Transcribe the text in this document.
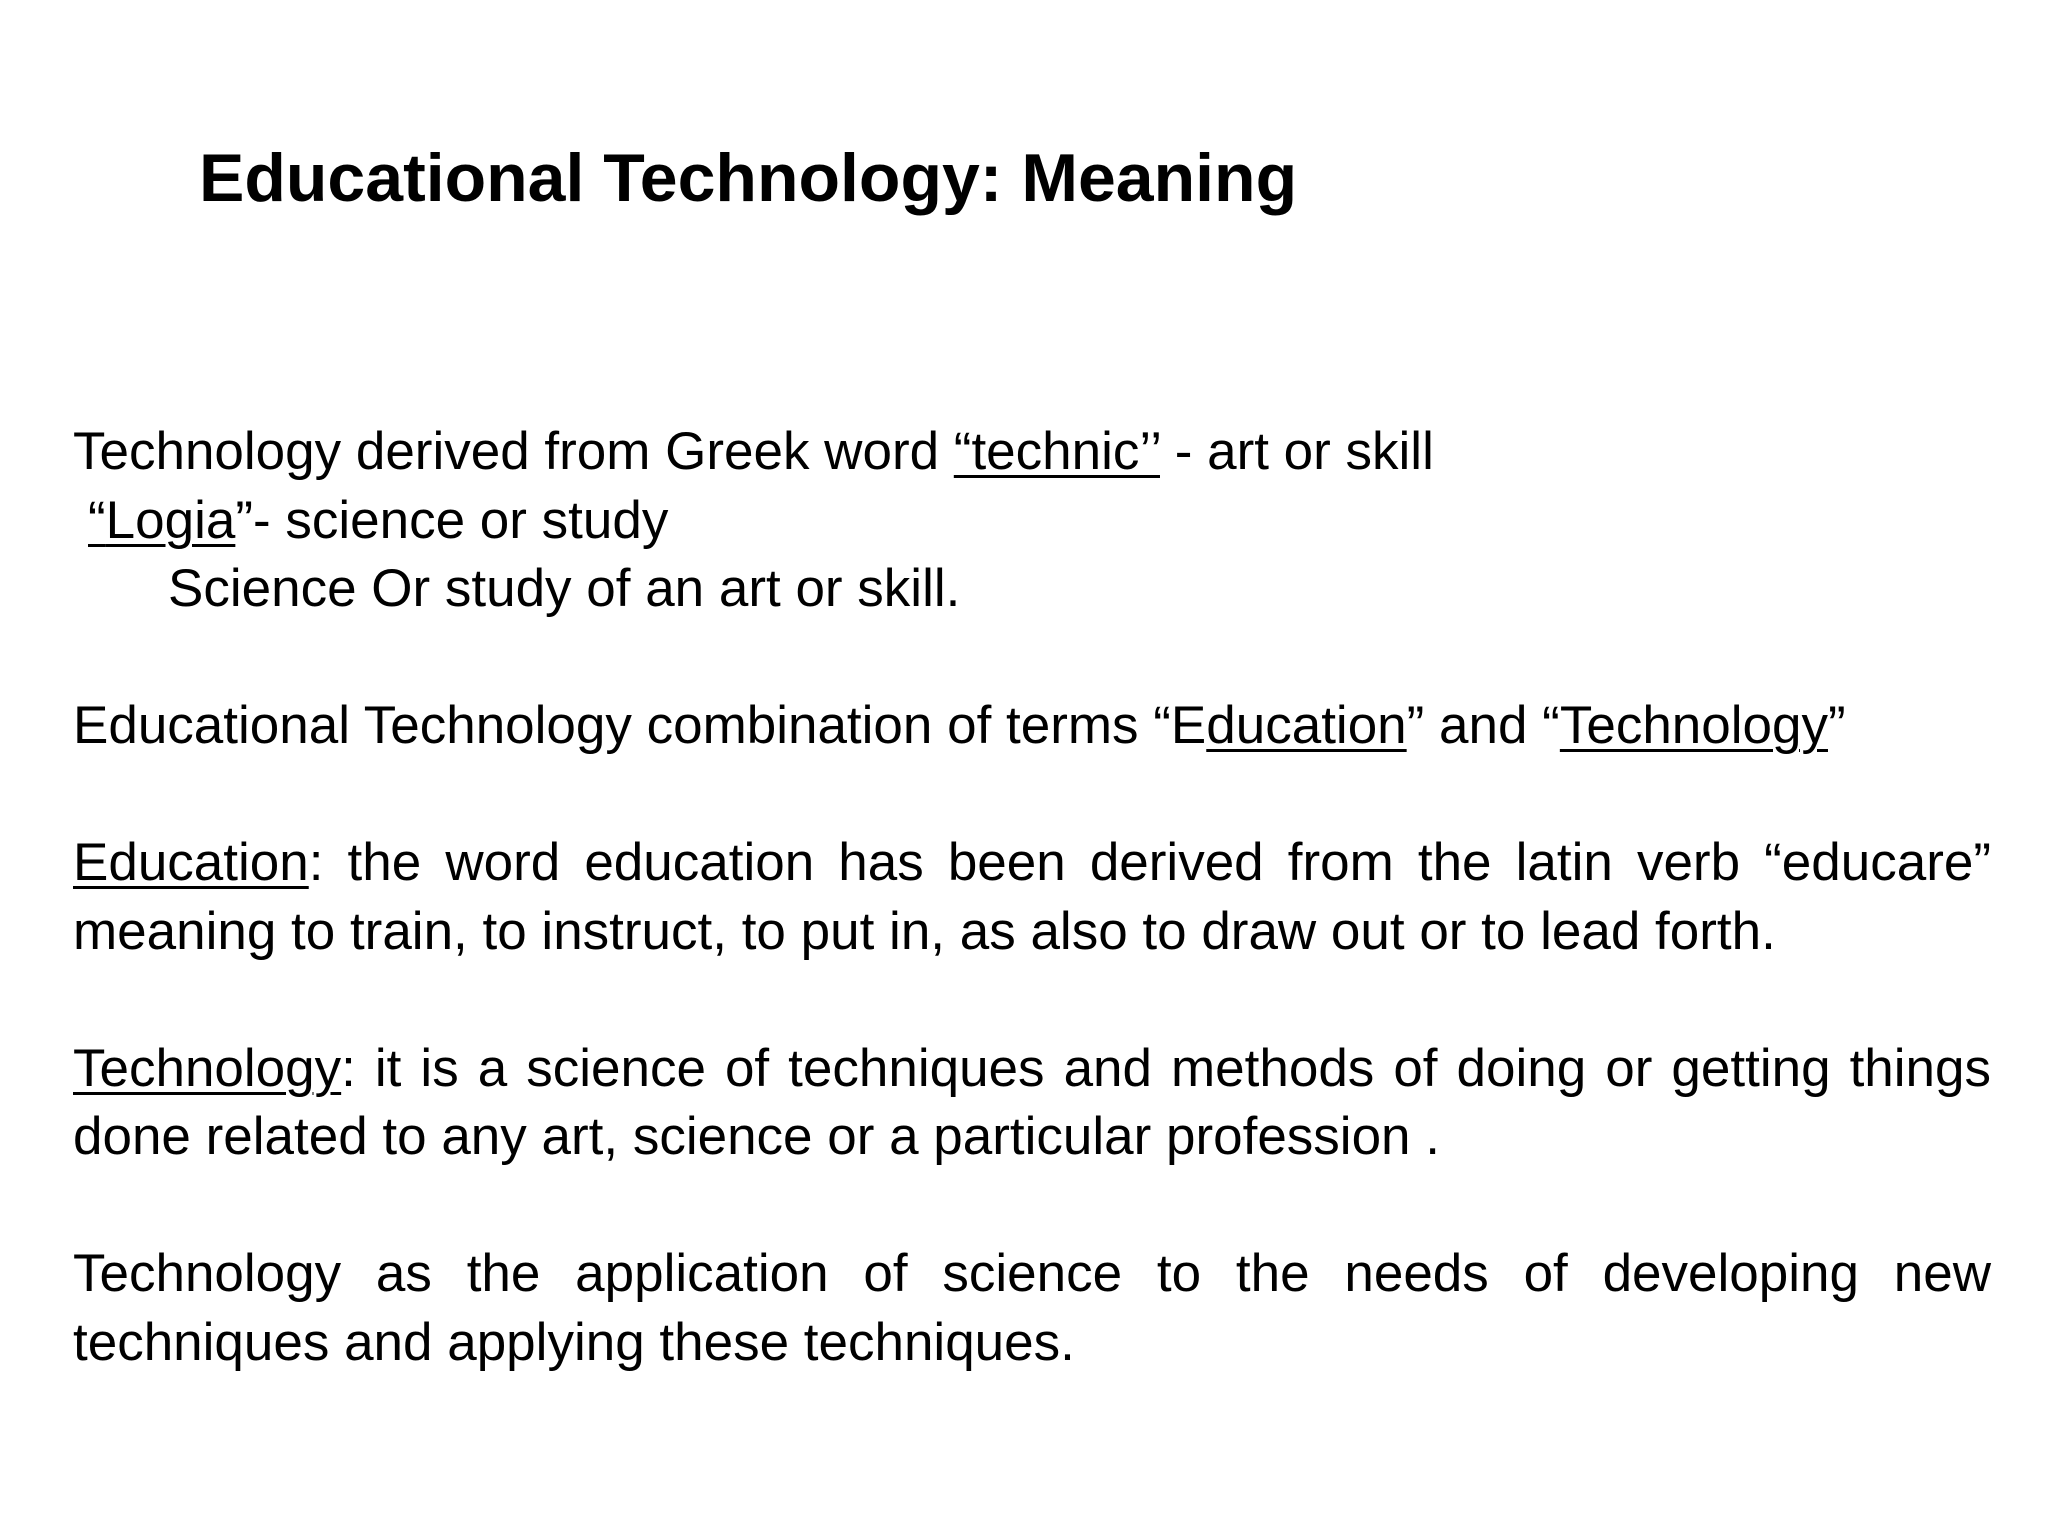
Educational Technology: Meaning
Technology derived from Greek word “technic’’ - art or skill
“Logia”- science or study
Science Or study of an art or skill.
Educational Technology combination of terms “Education” and “Technology”

Education: the word education has been derived from the latin verb “educare” meaning to train, to instruct, to put in, as also to draw out or to lead forth.

Technology: it is a science of techniques and methods of doing or getting things done related to any art, science or a particular profession .

Technology as the application of science to the needs of developing new techniques and applying these techniques.
